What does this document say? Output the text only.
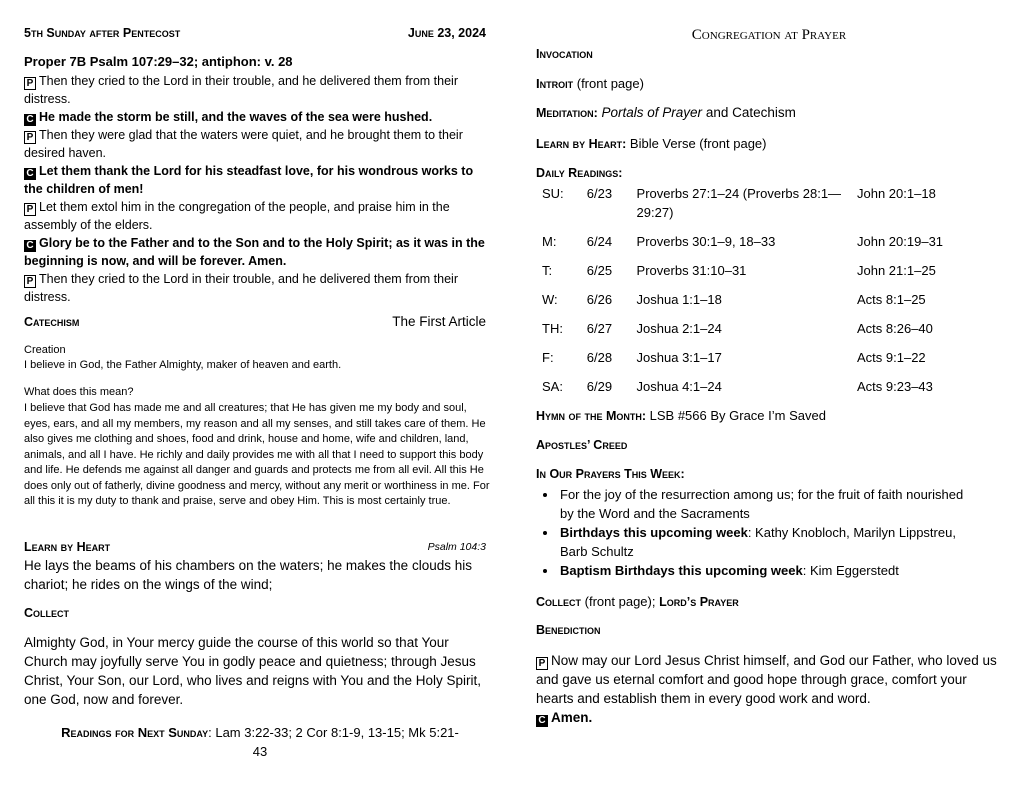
5th Sunday after Pentecost	June 23, 2024
Proper 7B Psalm 107:29–32; antiphon: v. 28
P Then they cried to the Lord in their trouble, and he delivered them from their distress.
C He made the storm be still, and the waves of the sea were hushed.
P Then they were glad that the waters were quiet, and he brought them to their desired haven.
C Let them thank the Lord for his steadfast love, for his wondrous works to the children of men!
P Let them extol him in the congregation of the people, and praise him in the assembly of the elders.
C Glory be to the Father and to the Son and to the Holy Spirit; as it was in the beginning is now, and will be forever. Amen.
P Then they cried to the Lord in their trouble, and he delivered them from their distress.
Catechism	The First Article
Creation
I believe in God, the Father Almighty, maker of heaven and earth.
What does this mean?
I believe that God has made me and all creatures; that He has given me my body and soul, eyes, ears, and all my members, my reason and all my senses, and still takes care of them. He also gives me clothing and shoes, food and drink, house and home, wife and children, land, animals, and all I have. He richly and daily provides me with all that I need to support this body and life. He defends me against all danger and guards and protects me from all evil. All this He does only out of fatherly, divine goodness and mercy, without any merit or worthiness in me. For all this it is my duty to thank and praise, serve and obey Him. This is most certainly true.
Learn by Heart	Psalm 104:3
He lays the beams of his chambers on the waters; he makes the clouds his chariot; he rides on the wings of the wind;
Collect
Almighty God, in Your mercy guide the course of this world so that Your Church may joyfully serve You in godly peace and quietness; through Jesus Christ, Your Son, our Lord, who lives and reigns with You and the Holy Spirit, one God, now and forever.
Readings for Next Sunday: Lam 3:22-33; 2 Cor 8:1-9, 13-15; Mk 5:21-
43
Congregation at Prayer
Invocation
Introit (front page)
Meditation: Portals of Prayer and Catechism
Learn by Heart: Bible Verse (front page)
Daily Readings:
SU:	6/23	Proverbs 27:1–24 (Proverbs 28:1—29:27)	John 20:1–18
M:	6/24	Proverbs 30:1–9, 18–33	John 20:19–31
T:	6/25	Proverbs 31:10–31	John 21:1–25
W:	6/26	Joshua 1:1–18	Acts 8:1–25
TH:	6/27	Joshua 2:1–24	Acts 8:26–40
F:	6/28	Joshua 3:1–17	Acts 9:1–22
SA:	6/29	Joshua 4:1–24	Acts 9:23–43
Hymn of the Month: LSB #566 By Grace I’m Saved
Apostles’ Creed
In Our Prayers This Week:
• For the joy of the resurrection among us; for the fruit of faith nourished by the Word and the Sacraments
• Birthdays this upcoming week: Kathy Knobloch, Marilyn Lippstreu, Barb Schultz
• Baptism Birthdays this upcoming week: Kim Eggerstedt
Collect (front page); Lord’s Prayer
Benediction
P Now may our Lord Jesus Christ himself, and God our Father, who loved us and gave us eternal comfort and good hope through grace, comfort your hearts and establish them in every good work and word.
C Amen.
